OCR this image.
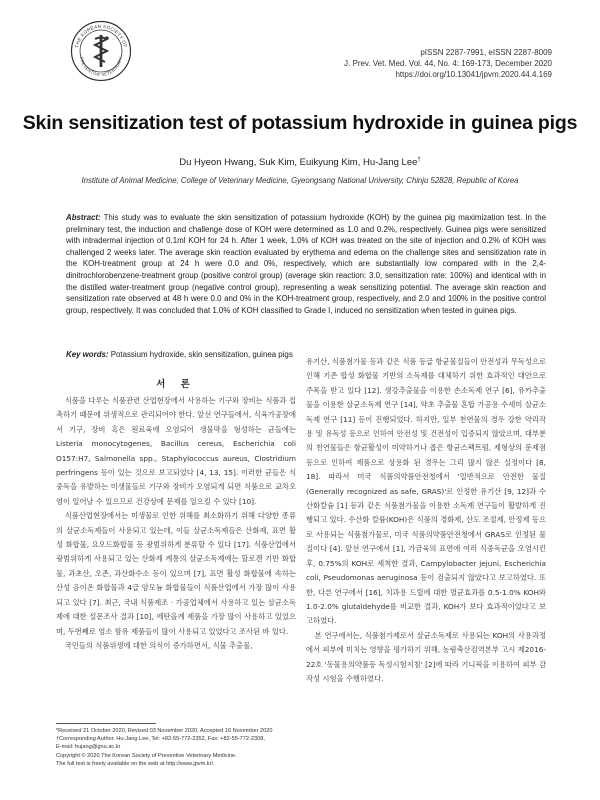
THE KOREAN SOCIETY OF
PREVENTIVE VETERINARY
pISSN 2287-7991, eISSN 2287-8009
J. Prev. Vet. Med. Vol. 44, No. 4: 169-173, December 2020
https://doi.org/10.13041/jpvm.2020.44.4.169
Skin sensitization test of potassium hydroxide in guinea pigs
Du Hyeon Hwang, Suk Kim, Euikyung Kim, Hu-Jang Lee†
Institute of Animal Medicine, College of Veterinary Medicine, Gyeongsang National University, Chinju 52828, Republic of Korea
Abstract: This study was to evaluate the skin sensitization of potassium hydroxide (KOH) by the guinea pig maximization test. In the preliminary test, the induction and challenge dose of KOH were determined as 1.0 and 0.2%, respectively. Guinea pigs were sensitized with intradermal injection of 0.1ml KOH for 24 h. After 1 week, 1.0% of KOH was treated on the site of injection and 0.2% of KOH was challenged 2 weeks later. The average skin reaction evaluated by erythema and edema on the challenge sites and sensitization rate in the KOH-treatment group at 24 h were 0.0 and 0%, respectively, which are substantially low compared with in the 2,4-dinitrochlorobenzene-treatment group (positive control group) (average skin reaction: 3.0, sensitization rate: 100%) and identical with in the distilled water-treatment group (negative control group), representing a weak sensitizing potential. The average skin reaction and sensitization rate observed at 48 h were 0.0 and 0% in the KOH-treatment group, respectively, and 2.0 and 100% in the positive control group, respectively. It was concluded that 1.0% of KOH classified to Grade I, induced no sensitization when tested in guinea pigs.
Key words: Potassium hydroxide, skin sensitization, guinea pigs
서 론

식품을 다루는 식품관련 산업현장에서 사용하는 기구와 장비는 식품과 접촉하기 때문에 위생적으로 관리되어야 한다. 앞선 연구들에서, 식육가공장에서 기구, 장비 혹은 원료육에 오염되어 생물막을 형성하는 균들에는 Listeria monocytogenes, Bacillus cereus, Escherichia coli O157:H7, Salmonella spp., Staphylococcus aureus, Clostridium perfringens 등이 있는 것으로 보고되었다 [4, 13, 15]. 이러한 균들은 식중독을 유발하는 미생물들로 기구와 장비가 오염되게 되면 식품으로 교차오염이 일어날 수 있으므로 건강상에 문제를 일으킬 수 있다 [10].

식품산업현장에서는 미생물로 인한 위해를 최소화하기 위해 다양한 종류의 살균소독제들이 사용되고 있는데, 이들 살균소독제들은 산화제, 표면 활성 화합물, 요오드화합물 등 광범위하게 분류할 수 있다 [17]. 식품산업에서 광범위하게 사용되고 있는 산화제 계통의 살균소독제에는 할로겐 기반 화합물, 과초산, 오존, 과산화수소 등이 있으며 [7], 표면 활성 화합물에 속하는 산성 음이온 화합물과 4급 암모늄 화합물들이 식품산업에서 가장 많이 사용되고 있다 [7]. 최근, 국내 식품제조 · 가공업체에서 사용하고 있는 살균소독제에 대한 설문조사 결과 [10], 에탄올계 제품을 가장 많이 사용하고 있었으며, 두번째로 염소 함유 제품들이 많이 사용되고 있었다고 조사된 바 있다.

국민들의 식품위생에 대한 의식이 증가하면서, 식물 추출물,

유기산, 식품첨가물 등과 같은 식품 등급 항균물질들이 안전성과 무독성으로 인해 기존 합성 화합물 기반의 소독제를 대체하기 위한 효과적인 대안으로 주목을 받고 있다 [12]. 생강추출물을 이용한 손소독제 연구 [6], 유카추출물을 이용한 살균소독제 연구 [14], 약초 추출물 혼합 가공용 수세미 살균소독제 연구 [11] 등이 진행되었다. 하지만, 일부 천연물의 경우 강한 약리작용 및 유독성 등으로 인하여 안전성 및 건전성이 입증되지 않았으며, 대부분의 천연물들은 항균활성이 미약하거나 좁은 항균스펙트럼, 제형상의 문제점 등으로 인하여 제품으로 상용화 된 경우는 그리 많지 않은 실정이다 [8, 18]. 따라서 미국 식품의약품안전청에서 '일반적으로 안전한 물질(Generally recognized as safe, GRAS)'로 인정한 유기산 [9, 12]과 수산화칼슘 [1] 등과 같은 식품첨가물을 이용한 소독제 연구들이 활발하게 진행되고 있다. 수산화 칼륨(KOH)은 식품의 경화제, 산도 조절제, 안정제 등으로 사용되는 식품첨가물로, 미국 식품의약품안전청에서 GRAS로 인정된 물질이다 [4]. 앞선 연구에서 [1], 가금육의 표면에 여러 식중독균을 오염시킨 후, 0.75%의 KOH로 세척한 결과, Campylobacter jejuni, Escherichia coli, Pseudomonas aeruginosa 등이 검출되지 않았다고 보고하였다. 또한, 다른 연구에서 [16], 치과용 드릴에 대한 멸균효과를 0.5-1.0% KOH와 1.0-2.0% glutaldehyde를 비교한 결과, KOH가 보다 효과적이었다고 보고하였다.

본 연구에서는, 식품첨가제로서 살균소독제로 사용되는 KOH의 사용과정에서 피부에 미치는 영향을 평가하기 위해, 농림축산검역본부 고시 제2016-22호 '동물용의약품등 독성시험지침' [2]에 따라 기니픽을 이용하여 피부 감작성 시험을 수행하였다.

*Received 21 October 2020, Revised 03 November 2020, Accepted 16 November 2020
†Corresponding Author. Hu-Jang Lee, Tel: +82-55-772-2352, Fax: +82-55-772-2308,
E-mail: hujang@gnu.ac.kr
Copyright © 2020 The Korean Society of Preventive Veterinary Medicine.
The full text is freely available on the web at http://www.jpvm.kr/.
